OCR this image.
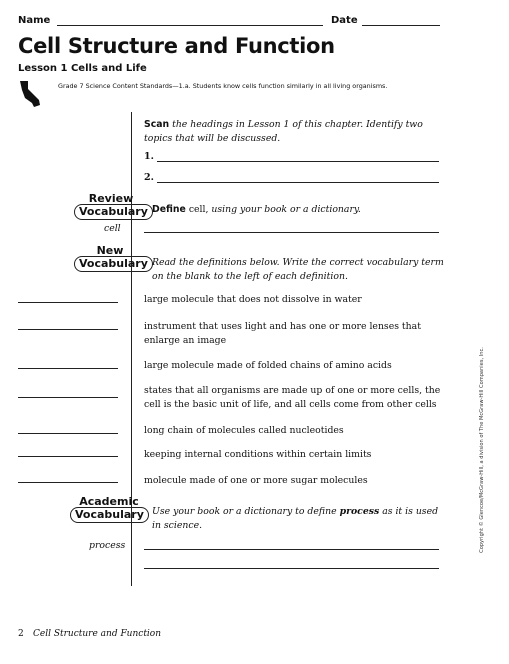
Name	Date
Cell Structure and Function
Lesson 1 Cells and Life
Grade 7 Science Content Standards—1.a. Students know cells function similarly in all living organisms.
Scan the headings in Lesson 1 of this chapter. Identify two topics that will be discussed.
1.
2.
Review
Vocabulary Define cell, using your book or a dictionary.
cell
New
Vocabulary Read the definitions below. Write the correct vocabulary term on the blank to the left of each definition.
large molecule that does not dissolve in water
instrument that uses light and has one or more lenses that enlarge an image
large molecule made of folded chains of amino acids
states that all organisms are made up of one or more cells, the cell is the basic unit of life, and all cells come from other cells
long chain of molecules called nucleotides
keeping internal conditions within certain limits
molecule made of one or more sugar molecules
Academic
Vocabulary Use your book or a dictionary to define process as it is used in science.
process	Copyright © Glencoe/McGraw-Hill, a division of The McGraw-Hill Companies, Inc.
2 Cell Structure and Function
